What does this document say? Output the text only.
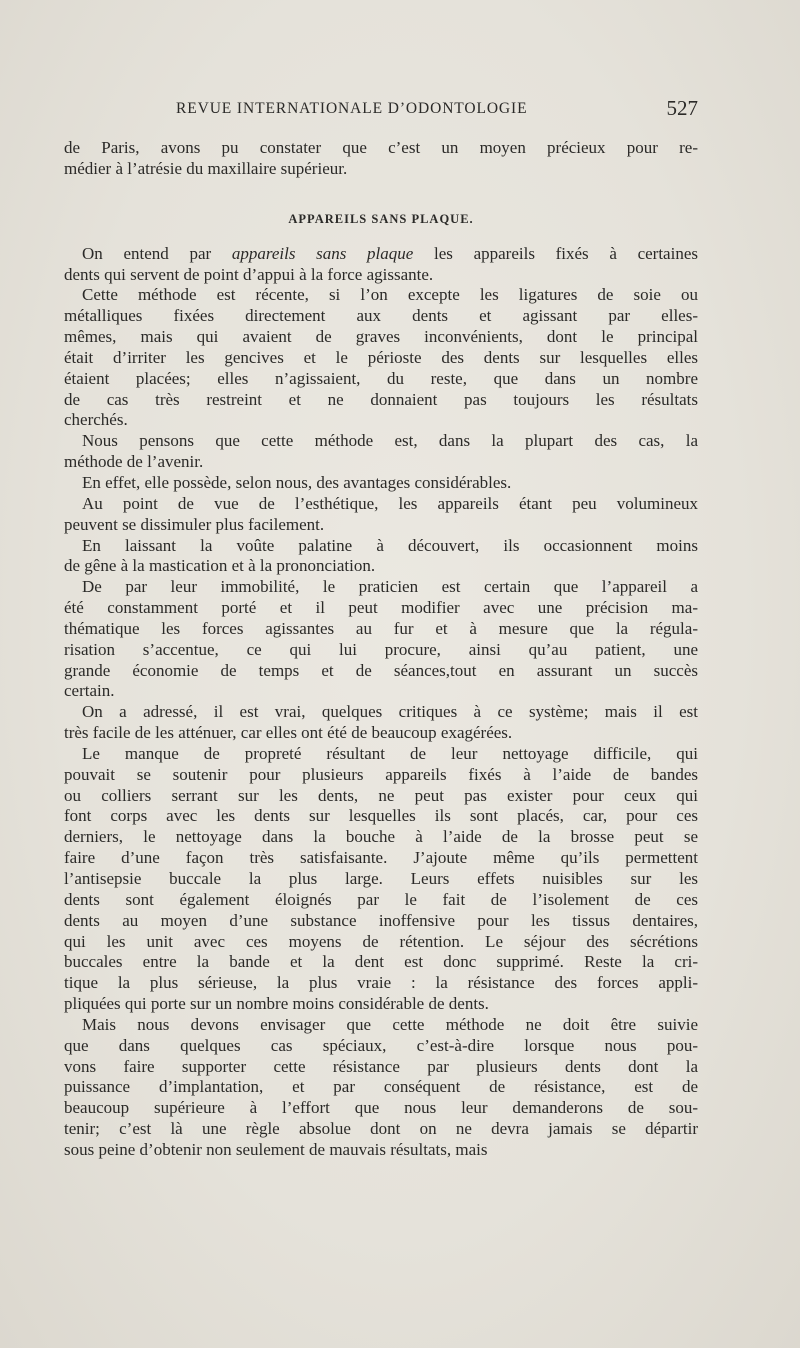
REVUE INTERNATIONALE D’ODONTOLOGIE	527
de Paris, avons pu constater que c’est un moyen précieux pour re-
médier à l’atrésie du maxillaire supérieur.
APPAREILS SANS PLAQUE.
On entend par appareils sans plaque les appareils fixés à certaines
dents qui servent de point d’appui à la force agissante.
Cette méthode est récente, si l’on excepte les ligatures de soie ou
métalliques fixées directement aux dents et agissant par elles-
mêmes, mais qui avaient de graves inconvénients, dont le principal
était d’irriter les gencives et le périoste des dents sur lesquelles elles
étaient placées; elles n’agissaient, du reste, que dans un nombre
de cas très restreint et ne donnaient pas toujours les résultats
cherchés.
Nous pensons que cette méthode est, dans la plupart des cas, la
méthode de l’avenir.
En effet, elle possède, selon nous, des avantages considérables.
Au point de vue de l’esthétique, les appareils étant peu volumineux
peuvent se dissimuler plus facilement.
En laissant la voûte palatine à découvert, ils occasionnent moins
de gêne à la mastication et à la prononciation.
De par leur immobilité, le praticien est certain que l’appareil a
été constamment porté et il peut modifier avec une précision ma-
thématique les forces agissantes au fur et à mesure que la régula-
risation s’accentue, ce qui lui procure, ainsi qu’au patient, une
grande économie de temps et de séances,tout en assurant un succès
certain.
On a adressé, il est vrai, quelques critiques à ce système; mais il est
très facile de les atténuer, car elles ont été de beaucoup exagérées.
Le manque de propreté résultant de leur nettoyage difficile, qui
pouvait se soutenir pour plusieurs appareils fixés à l’aide de bandes
ou colliers serrant sur les dents, ne peut pas exister pour ceux qui
font corps avec les dents sur lesquelles ils sont placés, car, pour ces
derniers, le nettoyage dans la bouche à l’aide de la brosse peut se
faire d’une façon très satisfaisante. J’ajoute même qu’ils permettent
l’antisepsie buccale la plus large. Leurs effets nuisibles sur les
dents sont également éloignés par le fait de l’isolement de ces
dents au moyen d’une substance inoffensive pour les tissus dentaires,
qui les unit avec ces moyens de rétention. Le séjour des sécrétions
buccales entre la bande et la dent est donc supprimé. Reste la cri-
tique la plus sérieuse, la plus vraie : la résistance des forces appli-
pliquées qui porte sur un nombre moins considérable de dents.
Mais nous devons envisager que cette méthode ne doit être suivie
que dans quelques cas spéciaux, c’est-à-dire lorsque nous pou-
vons faire supporter cette résistance par plusieurs dents dont la
puissance d’implantation, et par conséquent de résistance, est de
beaucoup supérieure à l’effort que nous leur demanderons de sou-
tenir; c’est là une règle absolue dont on ne devra jamais se départir
sous peine d’obtenir non seulement de mauvais résultats, mais
